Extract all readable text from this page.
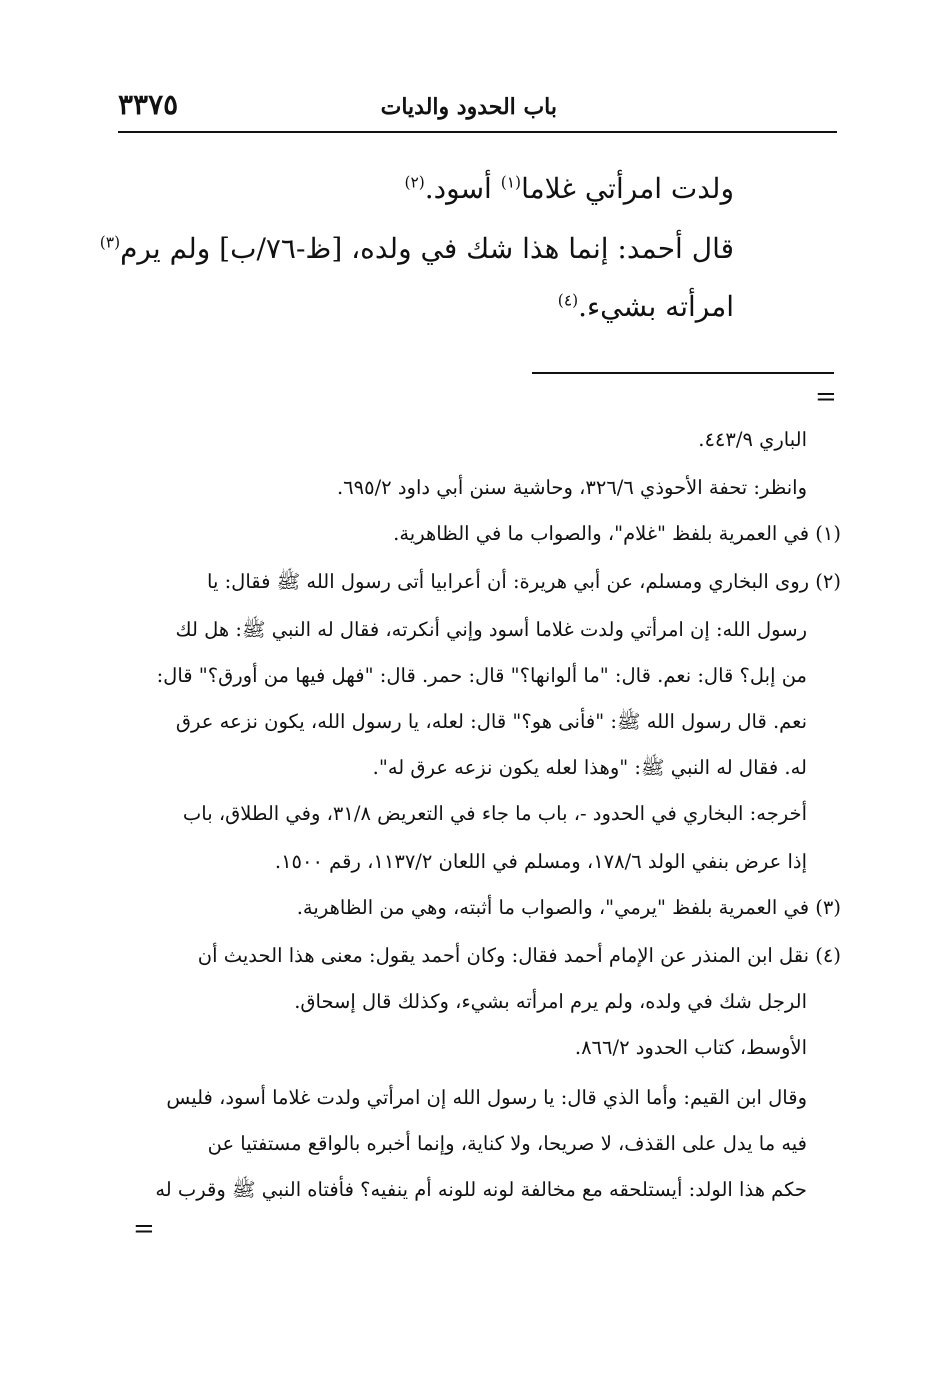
باب الحدود والديات
٣٣٧٥
ولدت امرأتي غلاما$^{(١)}$ أسود.$^{(٢)}$
قال أحمد: إنما هذا شك في ولده، [ظ-٧٦/ب] ولم يرم$^{(٣)}$
امرأته بشيء.$^{(٤)}$
=
الباري ٤٤٣/٩.
وانظر: تحفة الأحوذي ٣٢٦/٦، وحاشية سنن أبي داود ٦٩٥/٢.
(١) في العمرية بلفظ "غلام"، والصواب ما في الظاهرية.
(٢) روى البخاري ومسلم، عن أبي هريرة: أن أعرابيا أتى رسول الله ﷺ فقال: يا
رسول الله: إن امرأتي ولدت غلاما أسود وإني أنكرته، فقال له النبي ﷺ: هل لك
من إبل؟ قال: نعم. قال: "ما ألوانها؟" قال: حمر. قال: "فهل فيها من أورق؟" قال:
نعم. قال رسول الله ﷺ: "فأنى هو؟" قال: لعله، يا رسول الله، يكون نزعه عرق
له. فقال له النبي ﷺ: "وهذا لعله يكون نزعه عرق له".
أخرجه: البخاري في الحدود -، باب ما جاء في التعريض ٣١/٨، وفي الطلاق، باب
إذا عرض بنفي الولد ١٧٨/٦، ومسلم في اللعان ١١٣٧/٢، رقم ١٥٠٠.
(٣) في العمرية بلفظ "يرمي"، والصواب ما أثبته، وهي من الظاهرية.
(٤) نقل ابن المنذر عن الإمام أحمد فقال: وكان أحمد يقول: معنى هذا الحديث أن
الرجل شك في ولده، ولم يرم امرأته بشيء، وكذلك قال إسحاق.
الأوسط، كتاب الحدود ٨٦٦/٢.
وقال ابن القيم: وأما الذي قال: يا رسول الله إن امرأتي ولدت غلاما أسود، فليس
فيه ما يدل على القذف، لا صريحا، ولا كناية، وإنما أخبره بالواقع مستفتيا عن
حكم هذا الولد: أيستلحقه مع مخالفة لونه للونه أم ينفيه؟ فأفتاه النبي ﷺ وقرب له
=
